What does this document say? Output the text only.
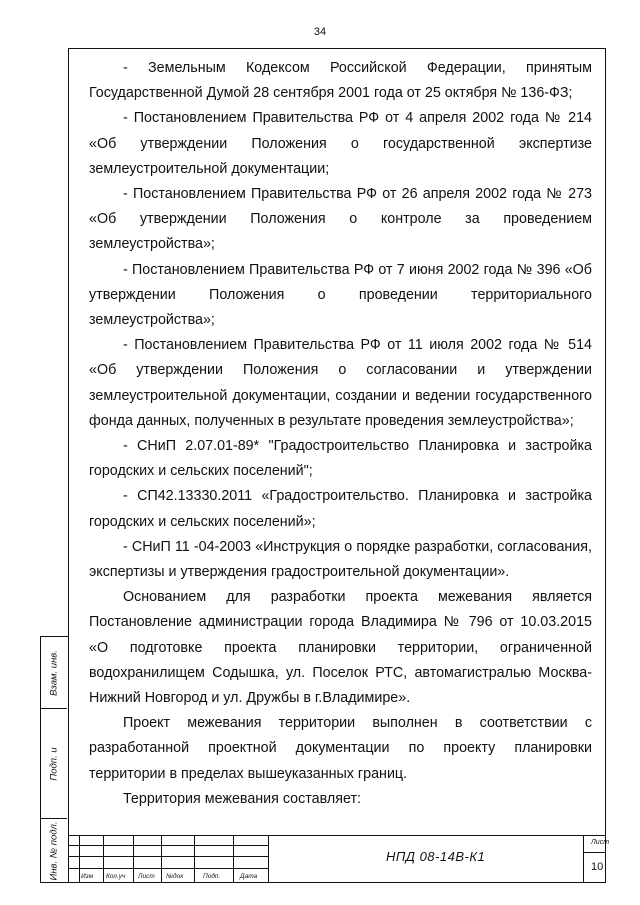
34

- Земельным Кодексом Российской Федерации, принятым Государственной Думой 28 сентября 2001 года от 25 октября № 136-ФЗ;

- Постановлением Правительства РФ от 4 апреля 2002 года № 214 «Об утверждении Положения о государственной экспертизе землеустроительной документации;

- Постановлением Правительства РФ от 26 апреля 2002 года № 273 «Об утверждении Положения о контроле за проведением землеустройства»;

- Постановлением Правительства РФ от 7 июня 2002 года № 396 «Об утверждении Положения о проведении территориального землеустройства»;

- Постановлением Правительства РФ от 11 июля 2002 года № 514 «Об утверждении Положения о согласовании и утверждении землеустроительной документации, создании и ведении государственного фонда данных, полученных в результате проведения землеустройства»;

- СНиП 2.07.01-89* "Градостроительство Планировка и застройка городских и сельских поселений";

- СП42.13330.2011 «Градостроительство. Планировка и застройка городских и сельских поселений»;

- СНиП 11 -04-2003 «Инструкция о порядке разработки, согласования, экспертизы и утверждения градостроительной документации».

Основанием для разработки проекта межевания является Постановление администрации города Владимира № 796 от 10.03.2015 «О подготовке проекта планировки территории, ограниченной водохранилищем Содышка, ул. Поселок РТС, автомагистралью Москва-Нижний Новгород и ул. Дружбы в г.Владимире».

Проект межевания территории выполнен в соответствии с разработанной проектной документации по проекту планировки территории в пределах вышеуказанных границ.

Территория межевания составляет:

Взам. инв.
Подп. и
Инв. № подл.	Изм Кол.уч Лист №док	Подп.	Дата
НПД 08-14В-К1
Лист
10
